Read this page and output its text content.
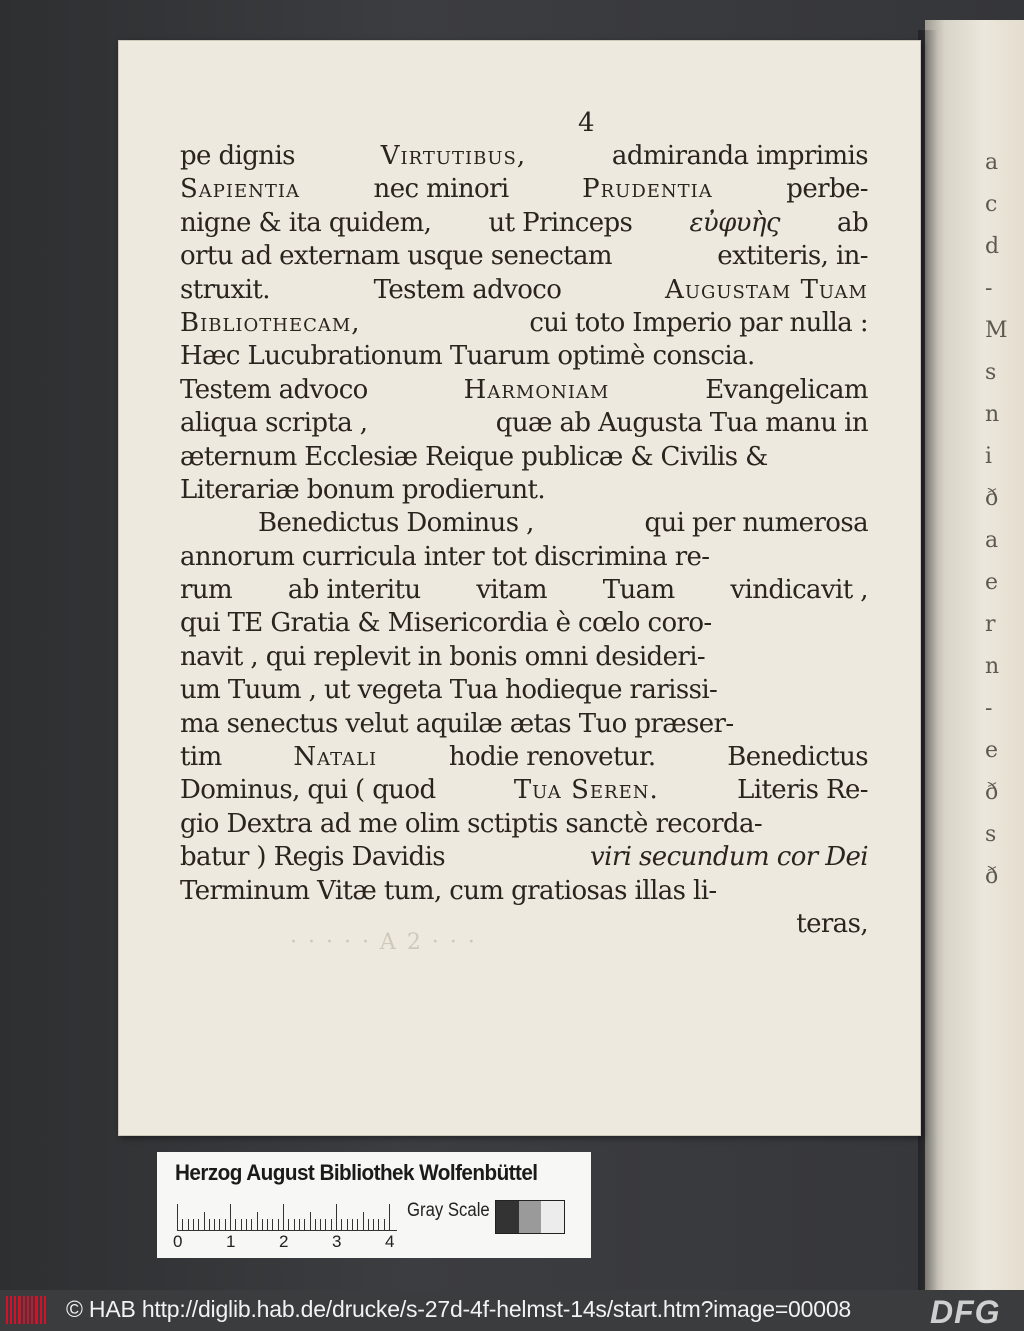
a
c
d
-
M
s
n
i
ð
a
e
r
n
-
e
ð
s
ð
4
pe dignis	Virtutibus,	admiranda imprimis
Sapientia	nec minori	Prudentia	perbe-
nigne & ita quidem, ut Princeps εὐφυὴς ab
ortu ad externam usque senectam	extiteris, in-
struxit.	Testem advoco	Augustam Tuam
Bibliothecam,	cui toto Imperio par nulla :
Hæc Lucubrationum Tuarum optimè conscia.
Testem advoco	Harmoniam	Evangelicam
aliqua scripta ,	quæ ab Augusta Tua manu in
æternum Ecclesiæ Reique publicæ & Civilis &
Literariæ bonum prodierunt.
Benedictus Dominus ,	qui per numerosa
annorum curricula inter tot discrimina re-
rum ab interitu vitam Tuam vindicavit ,
qui TE Gratia & Misericordia è cœlo coro-
navit , qui replevit in bonis omni desideri-
um Tuum , ut vegeta Tua hodieque rarissi-
ma senectus velut aquilæ ætas Tuo præser-
tim	Natali	hodie renovetur.	Benedictus
Dominus, qui ( quod	Tua Seren.	Literis Re-
gio Dextra ad me olim sctiptis sanctè recorda-
batur ) Regis Davidis	viri secundum cor Dei
Terminum Vitæ tum, cum gratiosas illas li-
teras,
· · · · · A 2 · · ·
Herzog August Bibliothek Wolfenbüttel
Gray Scale
0	1	2	3	4
© HAB http://diglib.hab.de/drucke/s-27d-4f-helmst-14s/start.htm?image=00008 DFG
